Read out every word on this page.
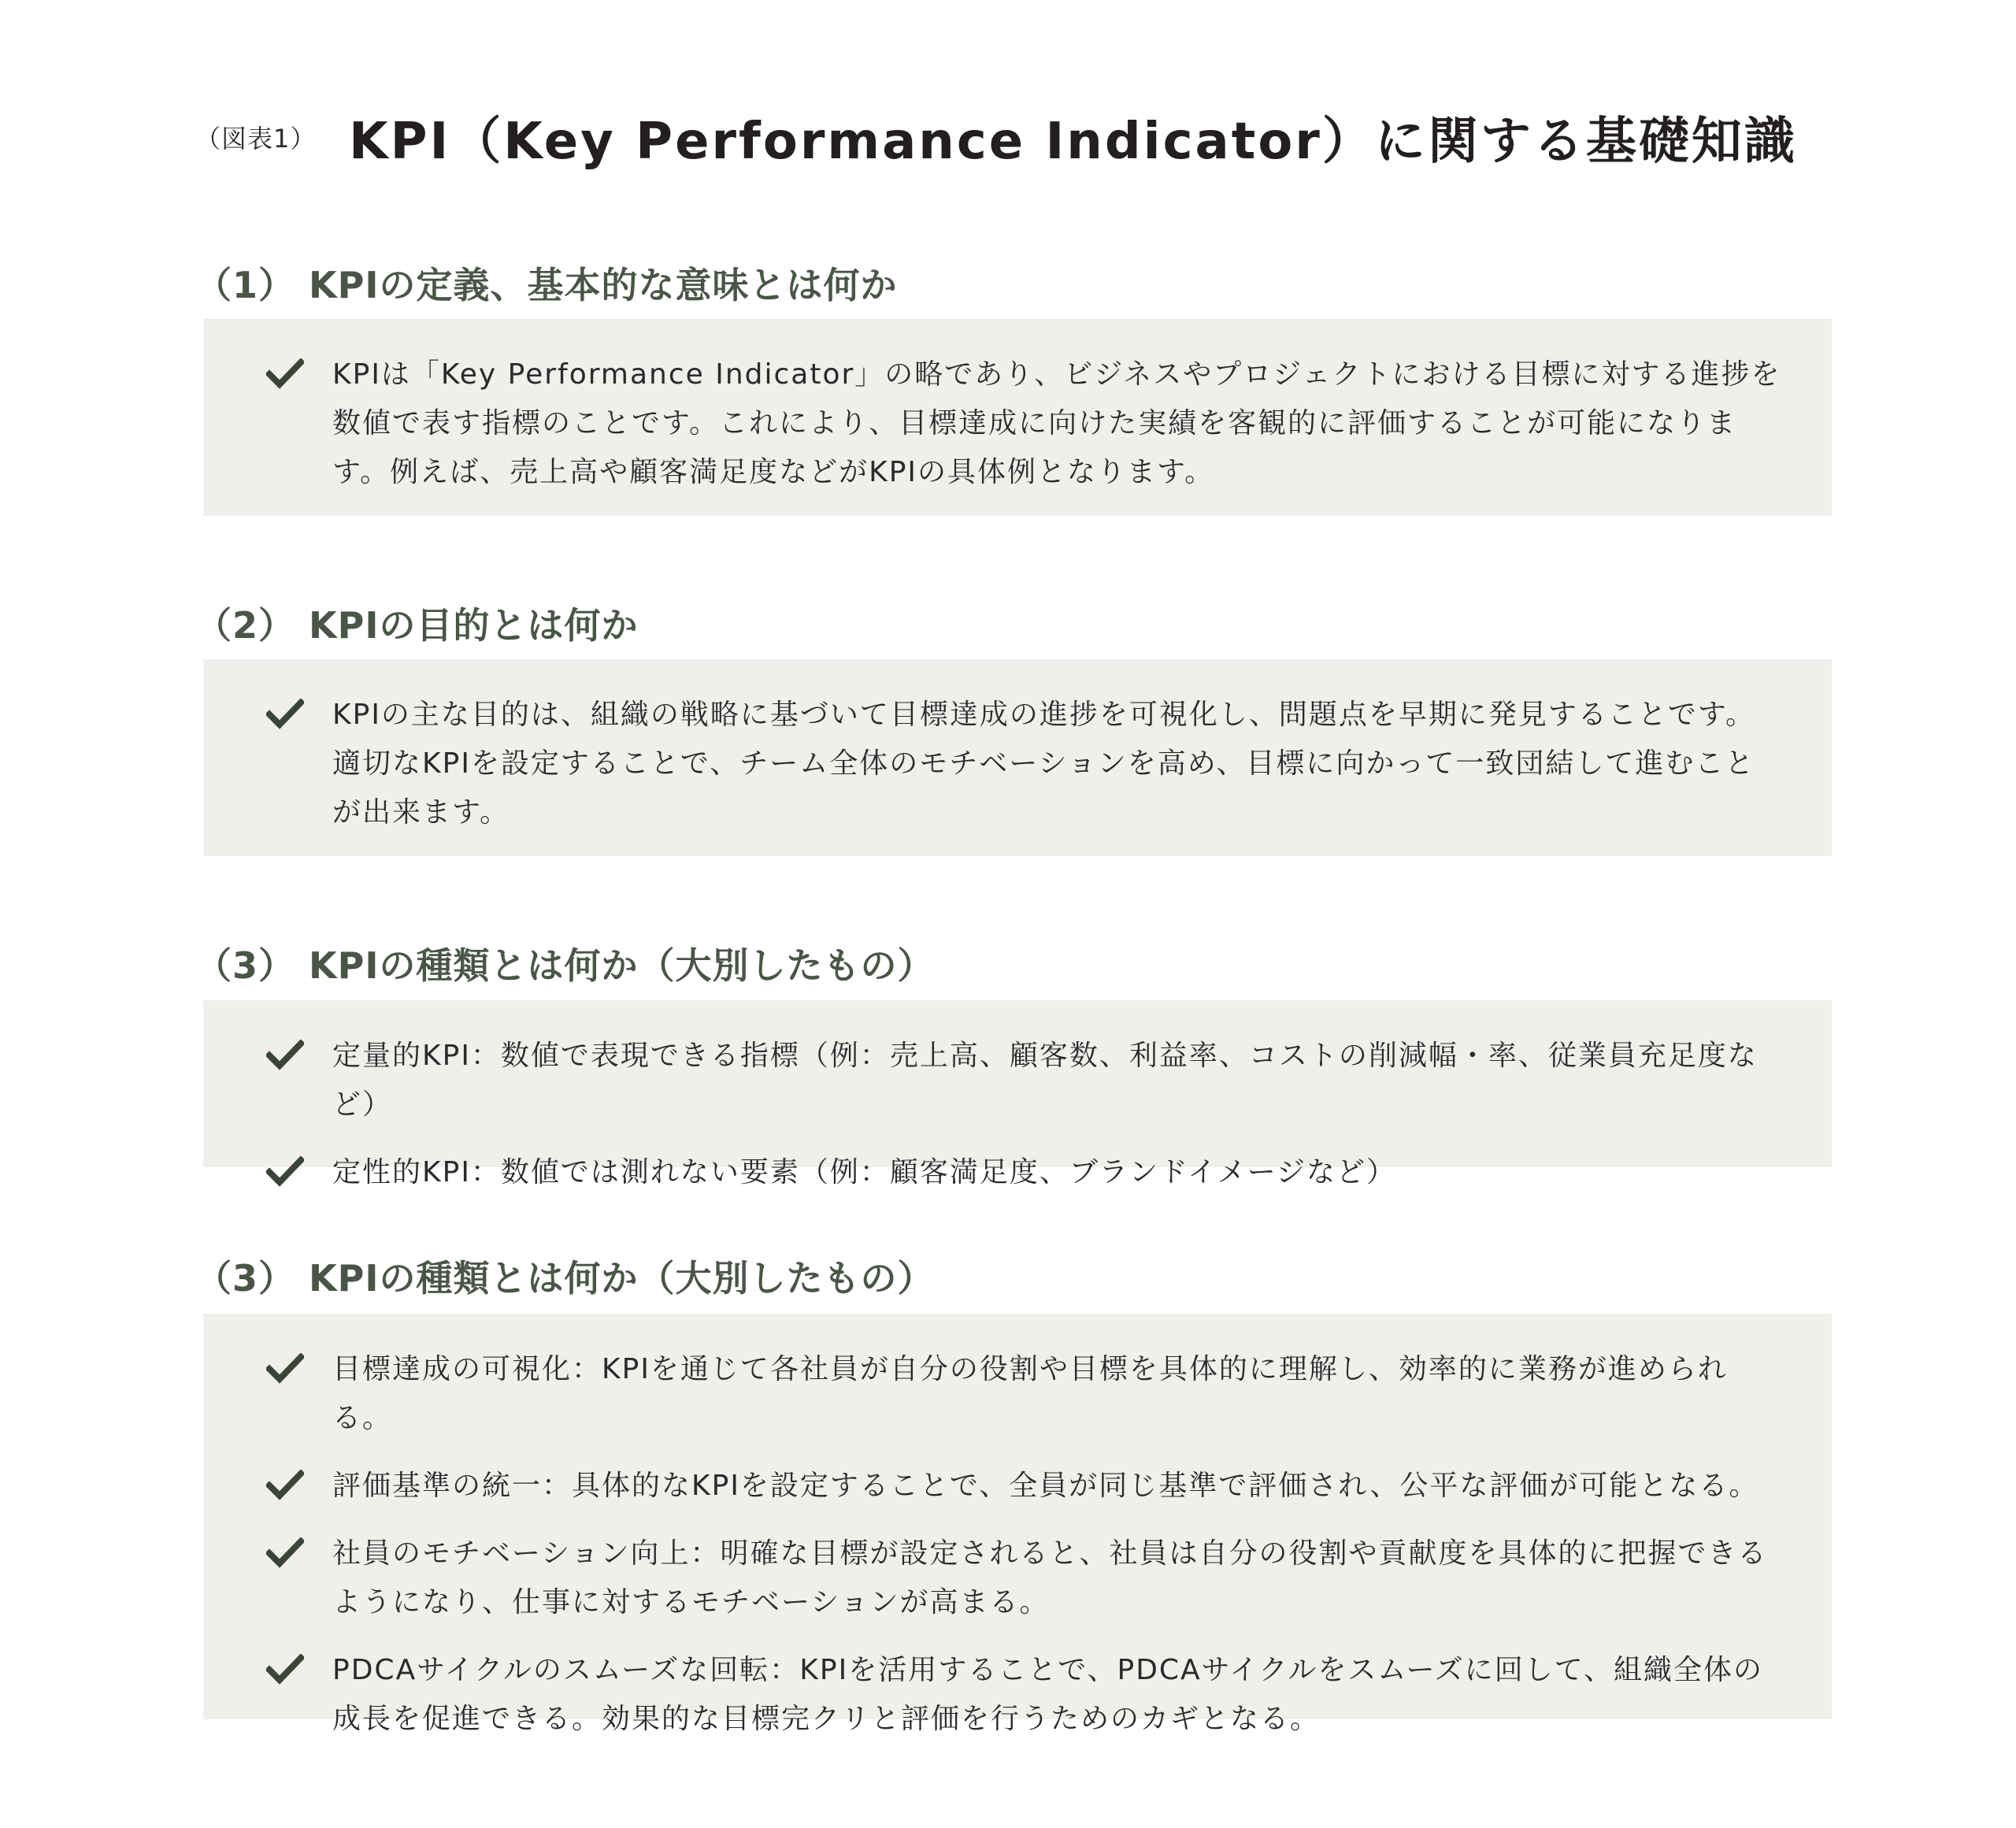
（図表1） KPI（Key Performance Indicator）に関する基礎知識
（1） KPIの定義、基本的な意味とは何か
KPIは「Key Performance Indicator」の略であり、ビジネスやプロジェクトにおける目標に対する進捗を数値で表す指標のことです。これにより、目標達成に向けた実績を客観的に評価することが可能になります。例えば、売上高や顧客満足度などがKPIの具体例となります。
（2） KPIの目的とは何か
KPIの主な目的は、組織の戦略に基づいて目標達成の進捗を可視化し、問題点を早期に発見することです。適切なKPIを設定することで、チーム全体のモチベーションを高め、目標に向かって一致団結して進むことが出来ます。
（3） KPIの種類とは何か（大別したもの）
定量的KPI：数値で表現できる指標（例：売上高、顧客数、利益率、コストの削減幅・率、従業員充足度など）
定性的KPI：数値では測れない要素（例：顧客満足度、ブランドイメージなど）
（3） KPIの種類とは何か（大別したもの）
目標達成の可視化：KPIを通じて各社員が自分の役割や目標を具体的に理解し、効率的に業務が進められる。
評価基準の統一：具体的なKPIを設定することで、全員が同じ基準で評価され、公平な評価が可能となる。
社員のモチベーション向上：明確な目標が設定されると、社員は自分の役割や貢献度を具体的に把握できるようになり、仕事に対するモチベーションが高まる。
PDCAサイクルのスムーズな回転：KPIを活用することで、PDCAサイクルをスムーズに回して、組織全体の成長を促進できる。効果的な目標完クリと評価を行うためのカギとなる。
